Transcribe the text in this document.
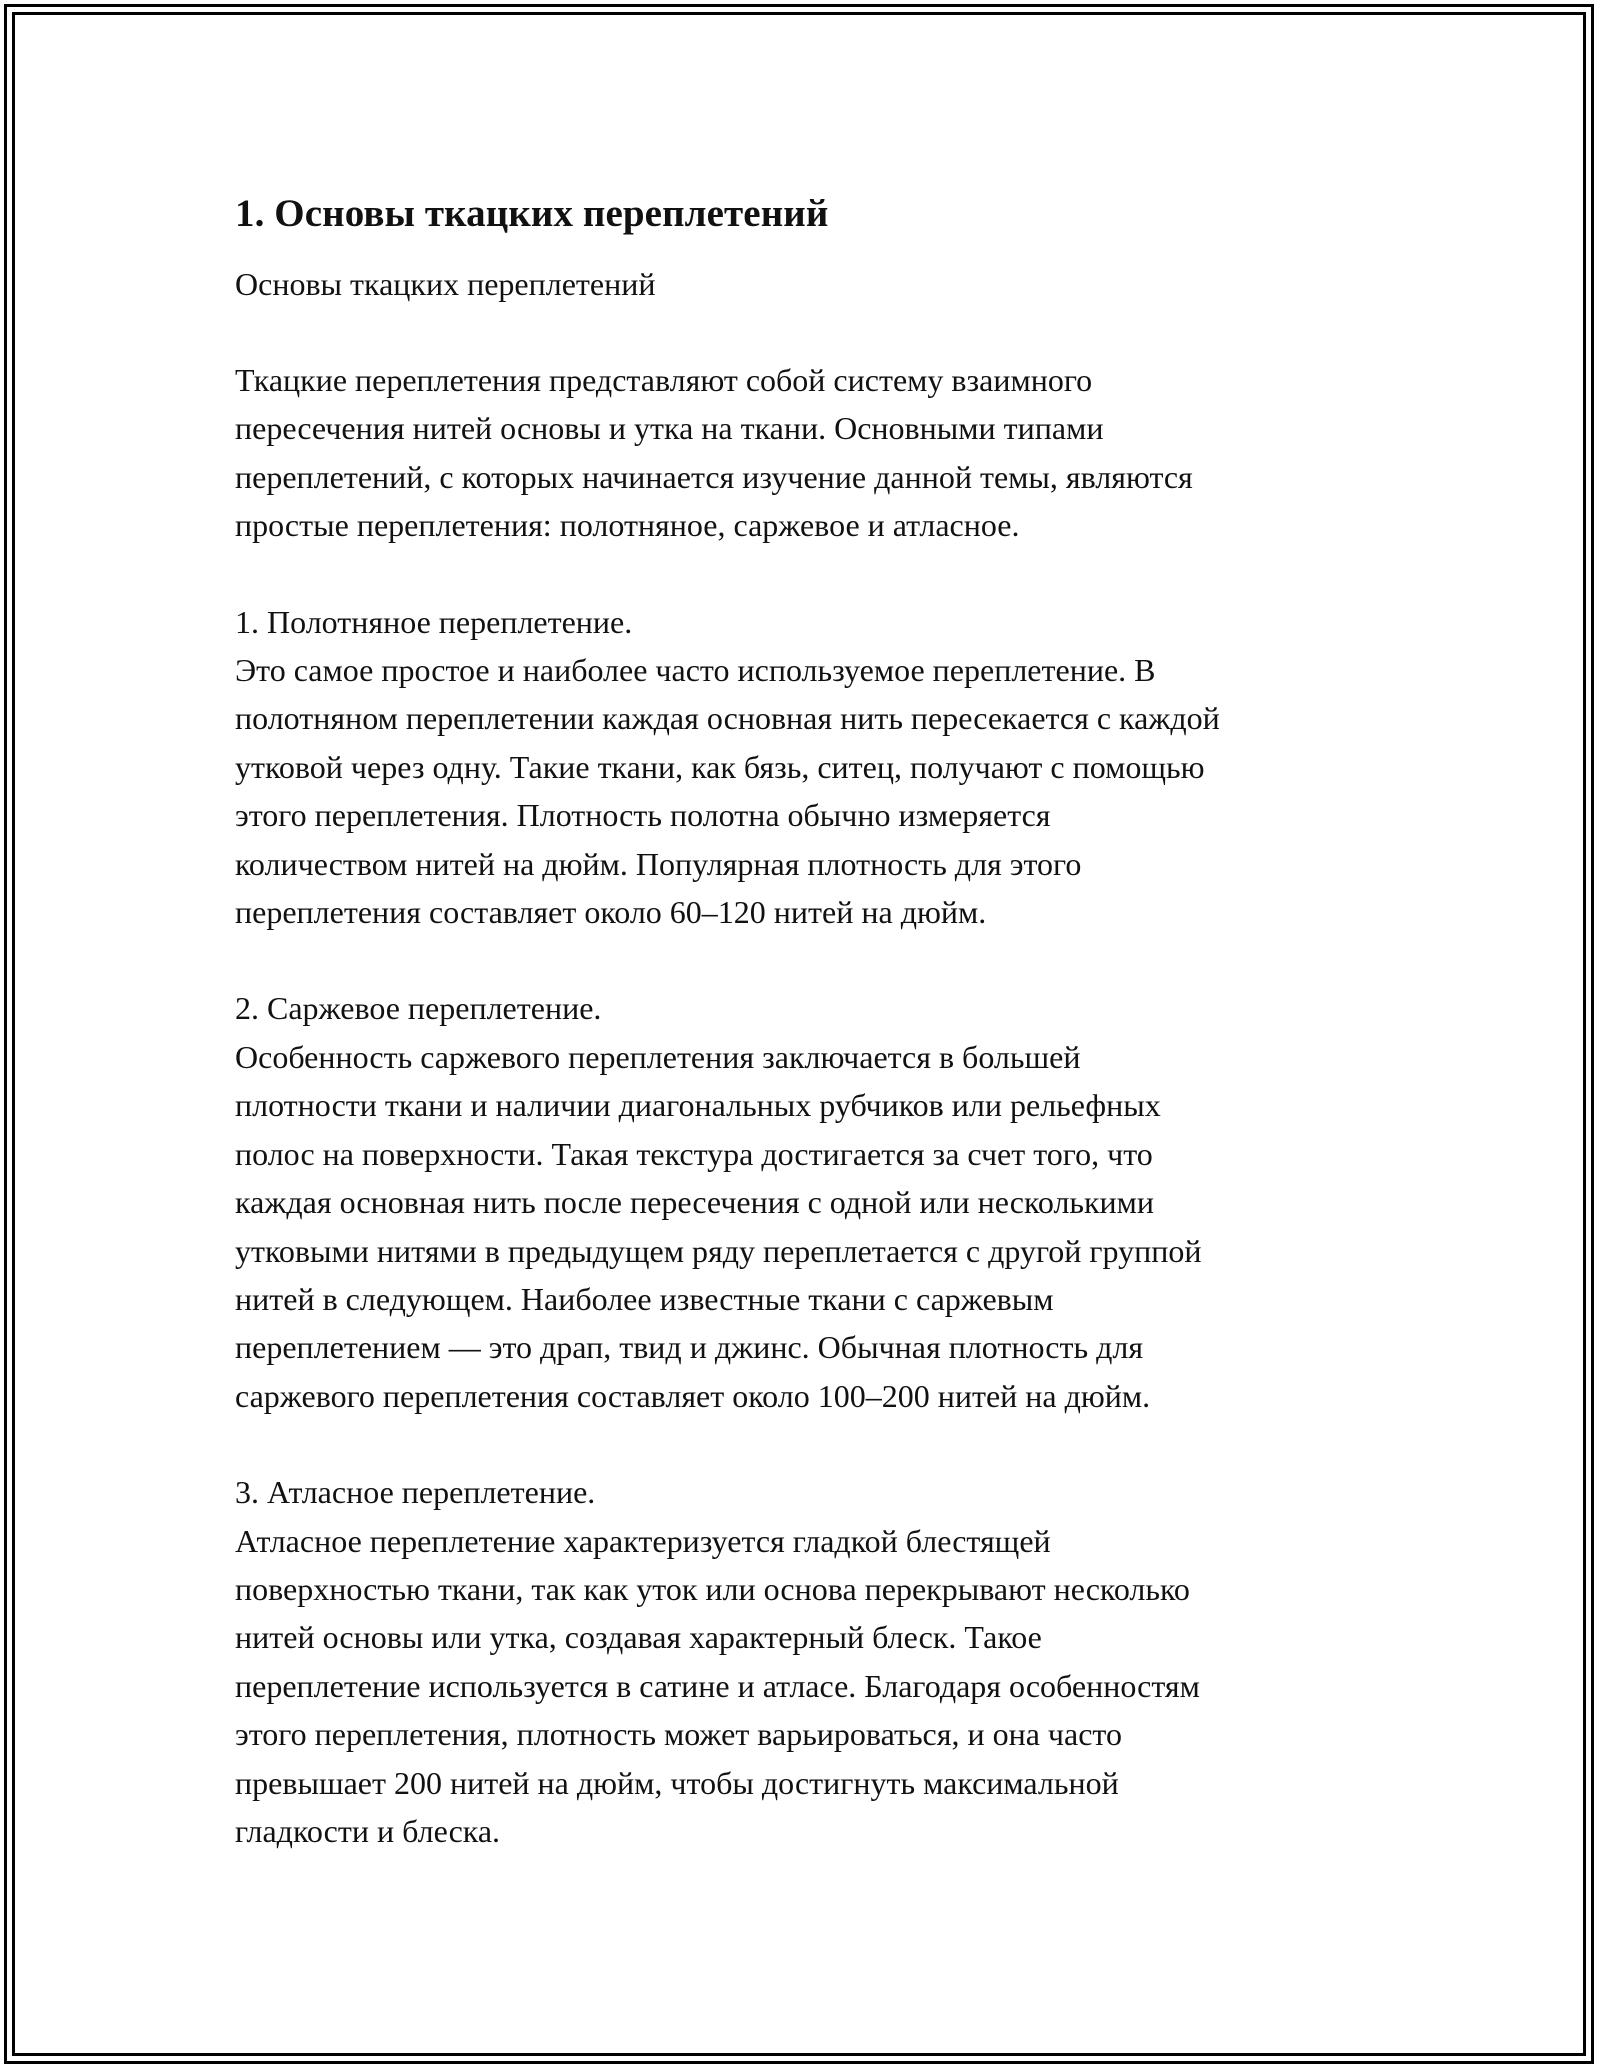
1. Основы ткацких переплетений

Основы ткацких переплетений

Ткацкие переплетения представляют собой систему взаимного
пересечения нитей основы и утка на ткани. Основными типами
переплетений, с которых начинается изучение данной темы, являются
простые переплетения: полотняное, саржевое и атласное.

1. Полотняное переплетение.
Это самое простое и наиболее часто используемое переплетение. В
полотняном переплетении каждая основная нить пересекается с каждой
утковой через одну. Такие ткани, как бязь, ситец, получают с помощью
этого переплетения. Плотность полотна обычно измеряется
количеством нитей на дюйм. Популярная плотность для этого
переплетения составляет около 60–120 нитей на дюйм.
2. Саржевое переплетение.
Особенность саржевого переплетения заключается в большей
плотности ткани и наличии диагональных рубчиков или рельефных
полос на поверхности. Такая текстура достигается за счет того, что
каждая основная нить после пересечения с одной или несколькими
утковыми нитями в предыдущем ряду переплетается с другой группой
нитей в следующем. Наиболее известные ткани с саржевым
переплетением — это драп, твид и джинс. Обычная плотность для
саржевого переплетения составляет около 100–200 нитей на дюйм.
3. Атласное переплетение.
Атласное переплетение характеризуется гладкой блестящей
поверхностью ткани, так как уток или основа перекрывают несколько
нитей основы или утка, создавая характерный блеск. Такое
переплетение используется в сатине и атласе. Благодаря особенностям
этого переплетения, плотность может варьироваться, и она часто
превышает 200 нитей на дюйм, чтобы достигнуть максимальной
гладкости и блеска.
